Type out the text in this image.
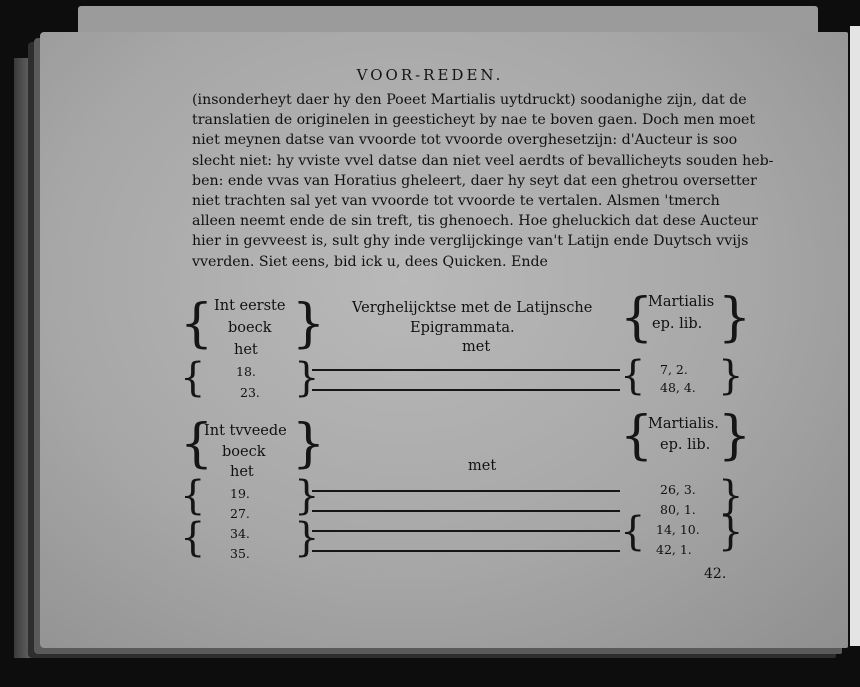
VOOR-REDEN.
(insonderheyt daer hy den Poeet Martialis uytdruckt) soodanighe zijn, dat de
translatien de originelen in geesticheyt by nae te boven gaen. Doch men moet
niet meynen datse van vvoorde tot vvoorde overghesetzijn: d'Aucteur is soo
slecht niet: hy vviste vvel datse dan niet veel aerdts of bevallicheyts souden heb-
ben: ende vvas van Horatius gheleert, daer hy seyt dat een ghetrou oversetter
niet trachten sal yet van vvoorde tot vvoorde te vertalen. Alsmen 'tmerch
alleen neemt ende de sin treft, tis ghenoech. Hoe gheluckich dat dese Aucteur
hier in gevveest is, sult ghy inde verglijckinge van't Latijn ende Duytsch vvijs
vverden. Siet eens, bid ick u, dees Quicken. Ende
Int eerste
boeck
het
Verghelijcktse met de Latijnsche
Epigrammata.
met
Martialis
ep. lib.
18.
23.
7, 2.
48, 4.
Int tvveede
boeck
het
Martialis.
ep. lib.
met
19.
27.
34.
35.
26, 3.
80, 1.
14, 10.
42, 1.
{ }
{ }
{ }
{ }
{ }
{ }
{ }
{ }
}
{ }
42.
